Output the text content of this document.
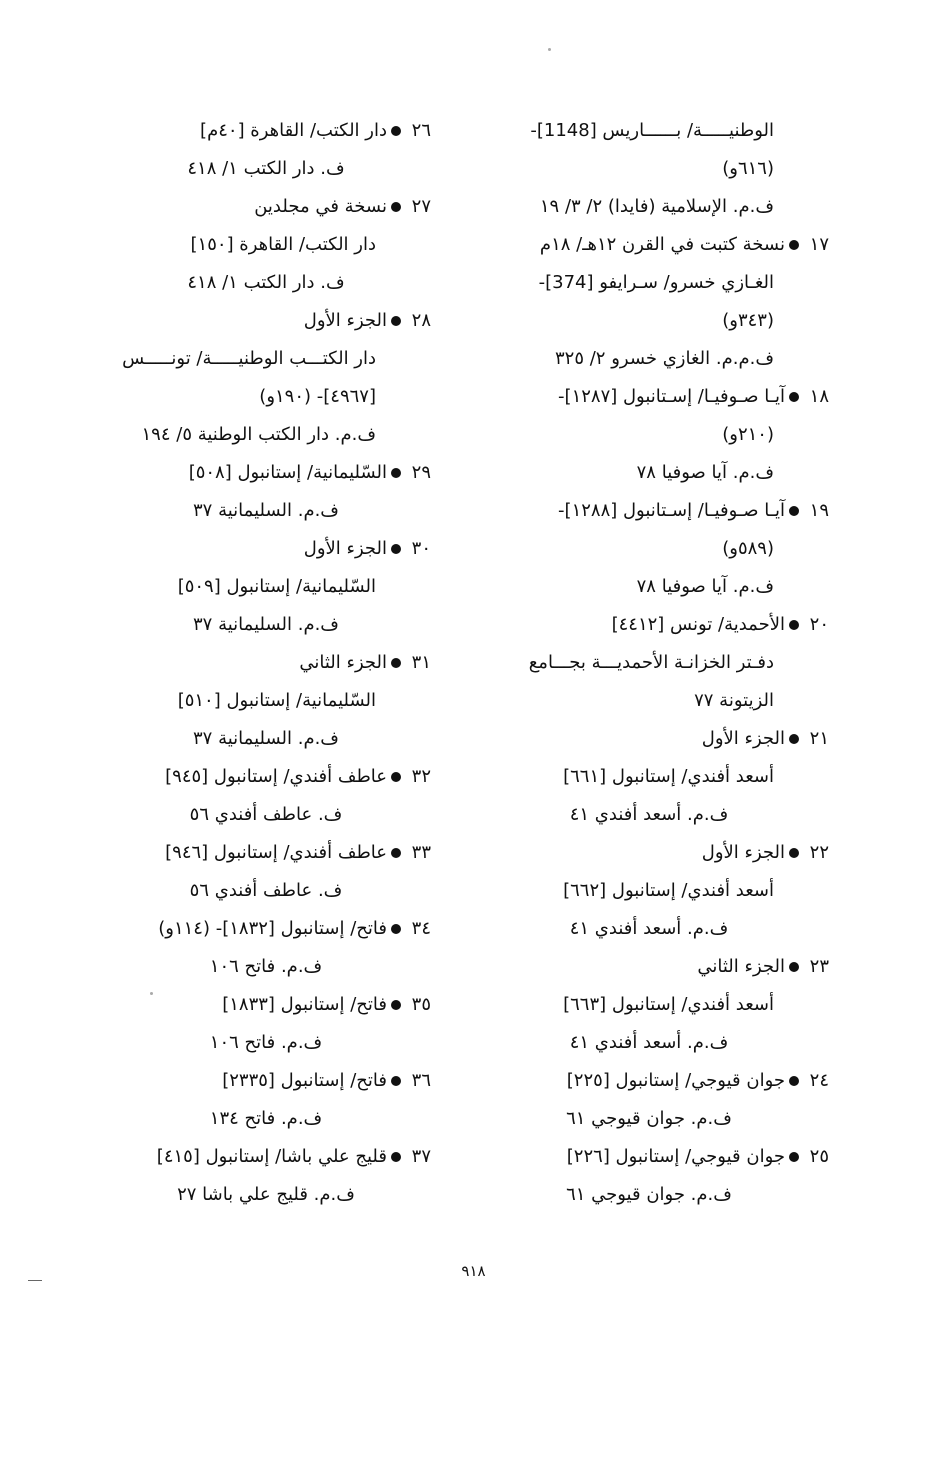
الوطنيـــــة/ بــــــاريس [1148]-
(٦١٦و)
ف.م. الإسلامية (فايدا) ٢/ ٣/ ١٩
١٧نسخة كتبت في القرن ١٢هـ/ ١٨م
الغـازي خسرو/ سـرايفو [374]-
(٣٤٣و)
ف.م.م. الغازي خسرو ٢/ ٣٢٥
١٨آيـا صـوفيـا/ إسـتانبول [١٢٨٧]-
(٢١٠و)
ف.م. آيا صوفيا ٧٨
١٩آيـا صـوفيـا/ إسـتانبول [١٢٨٨]-
(٥٨٩و)
ف.م. آيا صوفيا ٧٨
٢٠الأحمدية/ تونس [٤٤١٢]
دفـتر الخزانـة الأحمديـــة بجـــامع
الزيتونة ٧٧
٢١الجزء الأول
أسعد أفندي/ إستانبول [٦٦١]
ف.م. أسعد أفندي ٤١
٢٢الجزء الأول
أسعد أفندي/ إستانبول [٦٦٢]
ف.م. أسعد أفندي ٤١
٢٣الجزء الثاني
أسعد أفندي/ إستانبول [٦٦٣]
ف.م. أسعد أفندي ٤١
٢٤جوان قيوجي/ إستانبول [٢٢٥]
ف.م. جوان قيوجي ٦١
٢٥جوان قيوجي/ إستانبول [٢٢٦]
ف.م. جوان قيوجي ٦١
٢٦دار الكتب/ القاهرة [٤٠م]
ف. دار الكتب ١/ ٤١٨
٢٧نسخة في مجلدين
دار الكتب/ القاهرة [١٥٠]
ف. دار الكتب ١/ ٤١٨
٢٨الجزء الأول
دار الكتـــب الوطنيـــــة/ تونـــــس
[٤٩٦٧]- (١٩٠و)
ف.م. دار الكتب الوطنية ٥/ ١٩٤
٢٩السّليمانية/ إستانبول [٥٠٨]
ف.م. السليمانية ٣٧
٣٠الجزء الأول
السّليمانية/ إستانبول [٥٠٩]
ف.م. السليمانية ٣٧
٣١الجزء الثاني
السّليمانية/ إستانبول [٥١٠]
ف.م. السليمانية ٣٧
٣٢عاطف أفندي/ إستانبول [٩٤٥]
ف. عاطف أفندي ٥٦
٣٣عاطف أفندي/ إستانبول [٩٤٦]
ف. عاطف أفندي ٥٦
٣٤فاتح/ إستانبول [١٨٣٢]- (١١٤و)
ف.م. فاتح ١٠٦
٣٥فاتح/ إستانبول [١٨٣٣]
ف.م. فاتح ١٠٦
٣٦فاتح/ إستانبول [٢٣٣٥]
ف.م. فاتح ١٣٤
٣٧قليج علي باشا/ إستانبول [٤١٥]
ف.م. قليج علي باشا ٢٧
٩١٨
